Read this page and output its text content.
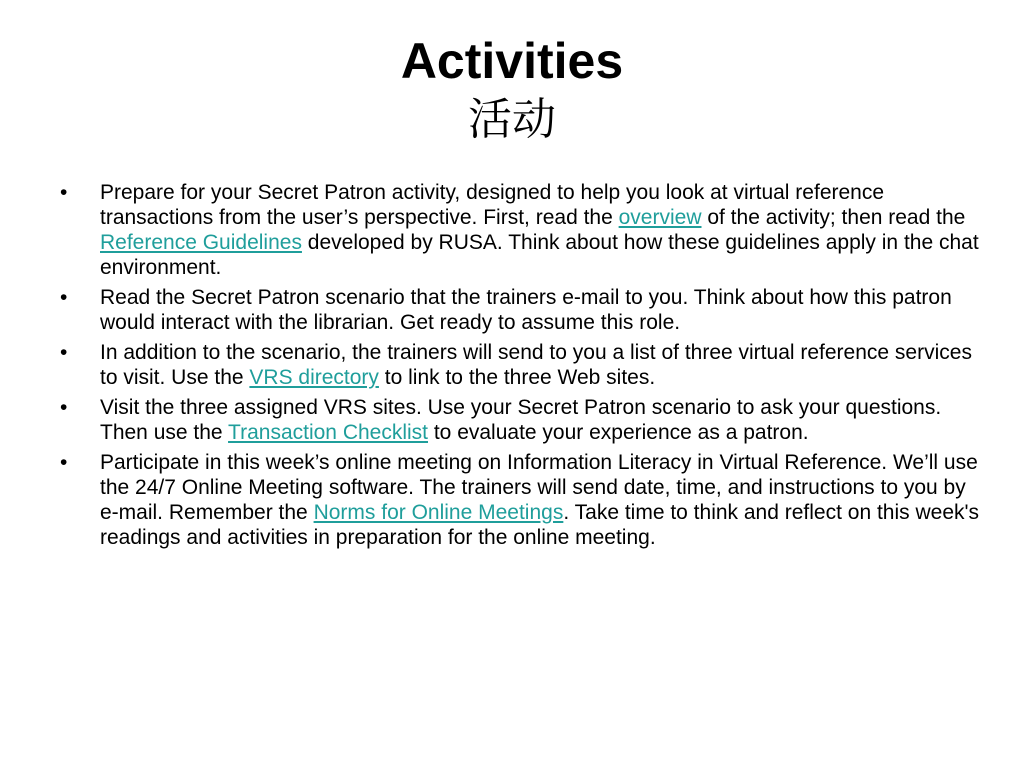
Activities
活动
•	Prepare for your Secret Patron activity, designed to help you look at virtual reference transactions from the user’s perspective. First, read the overview of the activity; then read the Reference Guidelines developed by RUSA. Think about how these guidelines apply in the chat environment.
•	Read the Secret Patron scenario that the trainers e-mail to you. Think about how this patron would interact with the librarian. Get ready to assume this role.
•	In addition to the scenario, the trainers will send to you a list of three virtual reference services to visit. Use the VRS directory to link to the three Web sites.
•	Visit the three assigned VRS sites. Use your Secret Patron scenario to ask your questions. Then use the Transaction Checklist to evaluate your experience as a patron.
•	Participate in this week’s online meeting on Information Literacy in Virtual Reference. We’ll use the 24/7 Online Meeting software. The trainers will send date, time, and instructions to you by e-mail. Remember the Norms for Online Meetings. Take time to think and reflect on this week's readings and activities in preparation for the online meeting.
